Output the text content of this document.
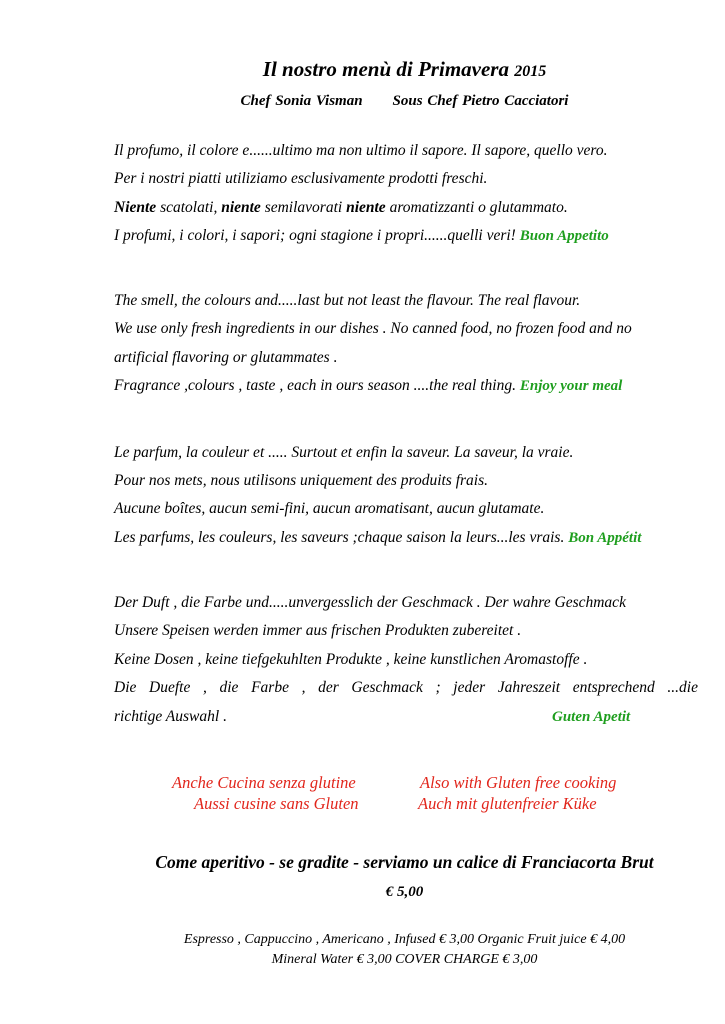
Il nostro menù di Primavera 2015
Chef Sonia Visman Sous Chef Pietro Cacciatori
Il profumo, il colore e......ultimo ma non ultimo il sapore. Il sapore, quello vero.
Per i nostri piatti utiliziamo esclusivamente prodotti freschi.
Niente scatolati, niente semilavorati niente aromatizzanti o glutammato.
I profumi, i colori, i sapori; ogni stagione i propri......quelli veri! Buon Appetito
The smell, the colours and.....last but not least the flavour. The real flavour.
We use only fresh ingredients in our dishes . No canned food, no frozen food and no
artificial flavoring or glutammates .
Fragrance ,colours , taste , each in ours season ....the real thing. Enjoy your meal
Le parfum, la couleur et ..... Surtout et enfin la saveur. La saveur, la vraie.
Pour nos mets, nous utilisons uniquement des produits frais.
Aucune boîtes, aucun semi-fini, aucun aromatisant, aucun glutamate.
Les parfums, les couleurs, les saveurs ;chaque saison la leurs...les vrais. Bon Appétit
Der Duft , die Farbe und.....unvergesslich der Geschmack . Der wahre Geschmack
Unsere Speisen werden immer aus frischen Produkten zubereitet .
Keine Dosen , keine tiefgekuhlten Produkte , keine kunstlichen Aromastoffe .
Die Duefte , die Farbe , der Geschmack ; jeder Jahreszeit entsprechend ...die
richtige Auswahl .	Guten Apetit
Anche Cucina senza glutine	Also with Gluten free cooking
Aussi cusine sans Gluten	Auch mit glutenfreier Küke
Come aperitivo - se gradite - serviamo un calice di Franciacorta Brut
€ 5,00
Espresso , Cappuccino , Americano , Infused € 3,00 Organic Fruit juice € 4,00
Mineral Water € 3,00 COVER CHARGE € 3,00
